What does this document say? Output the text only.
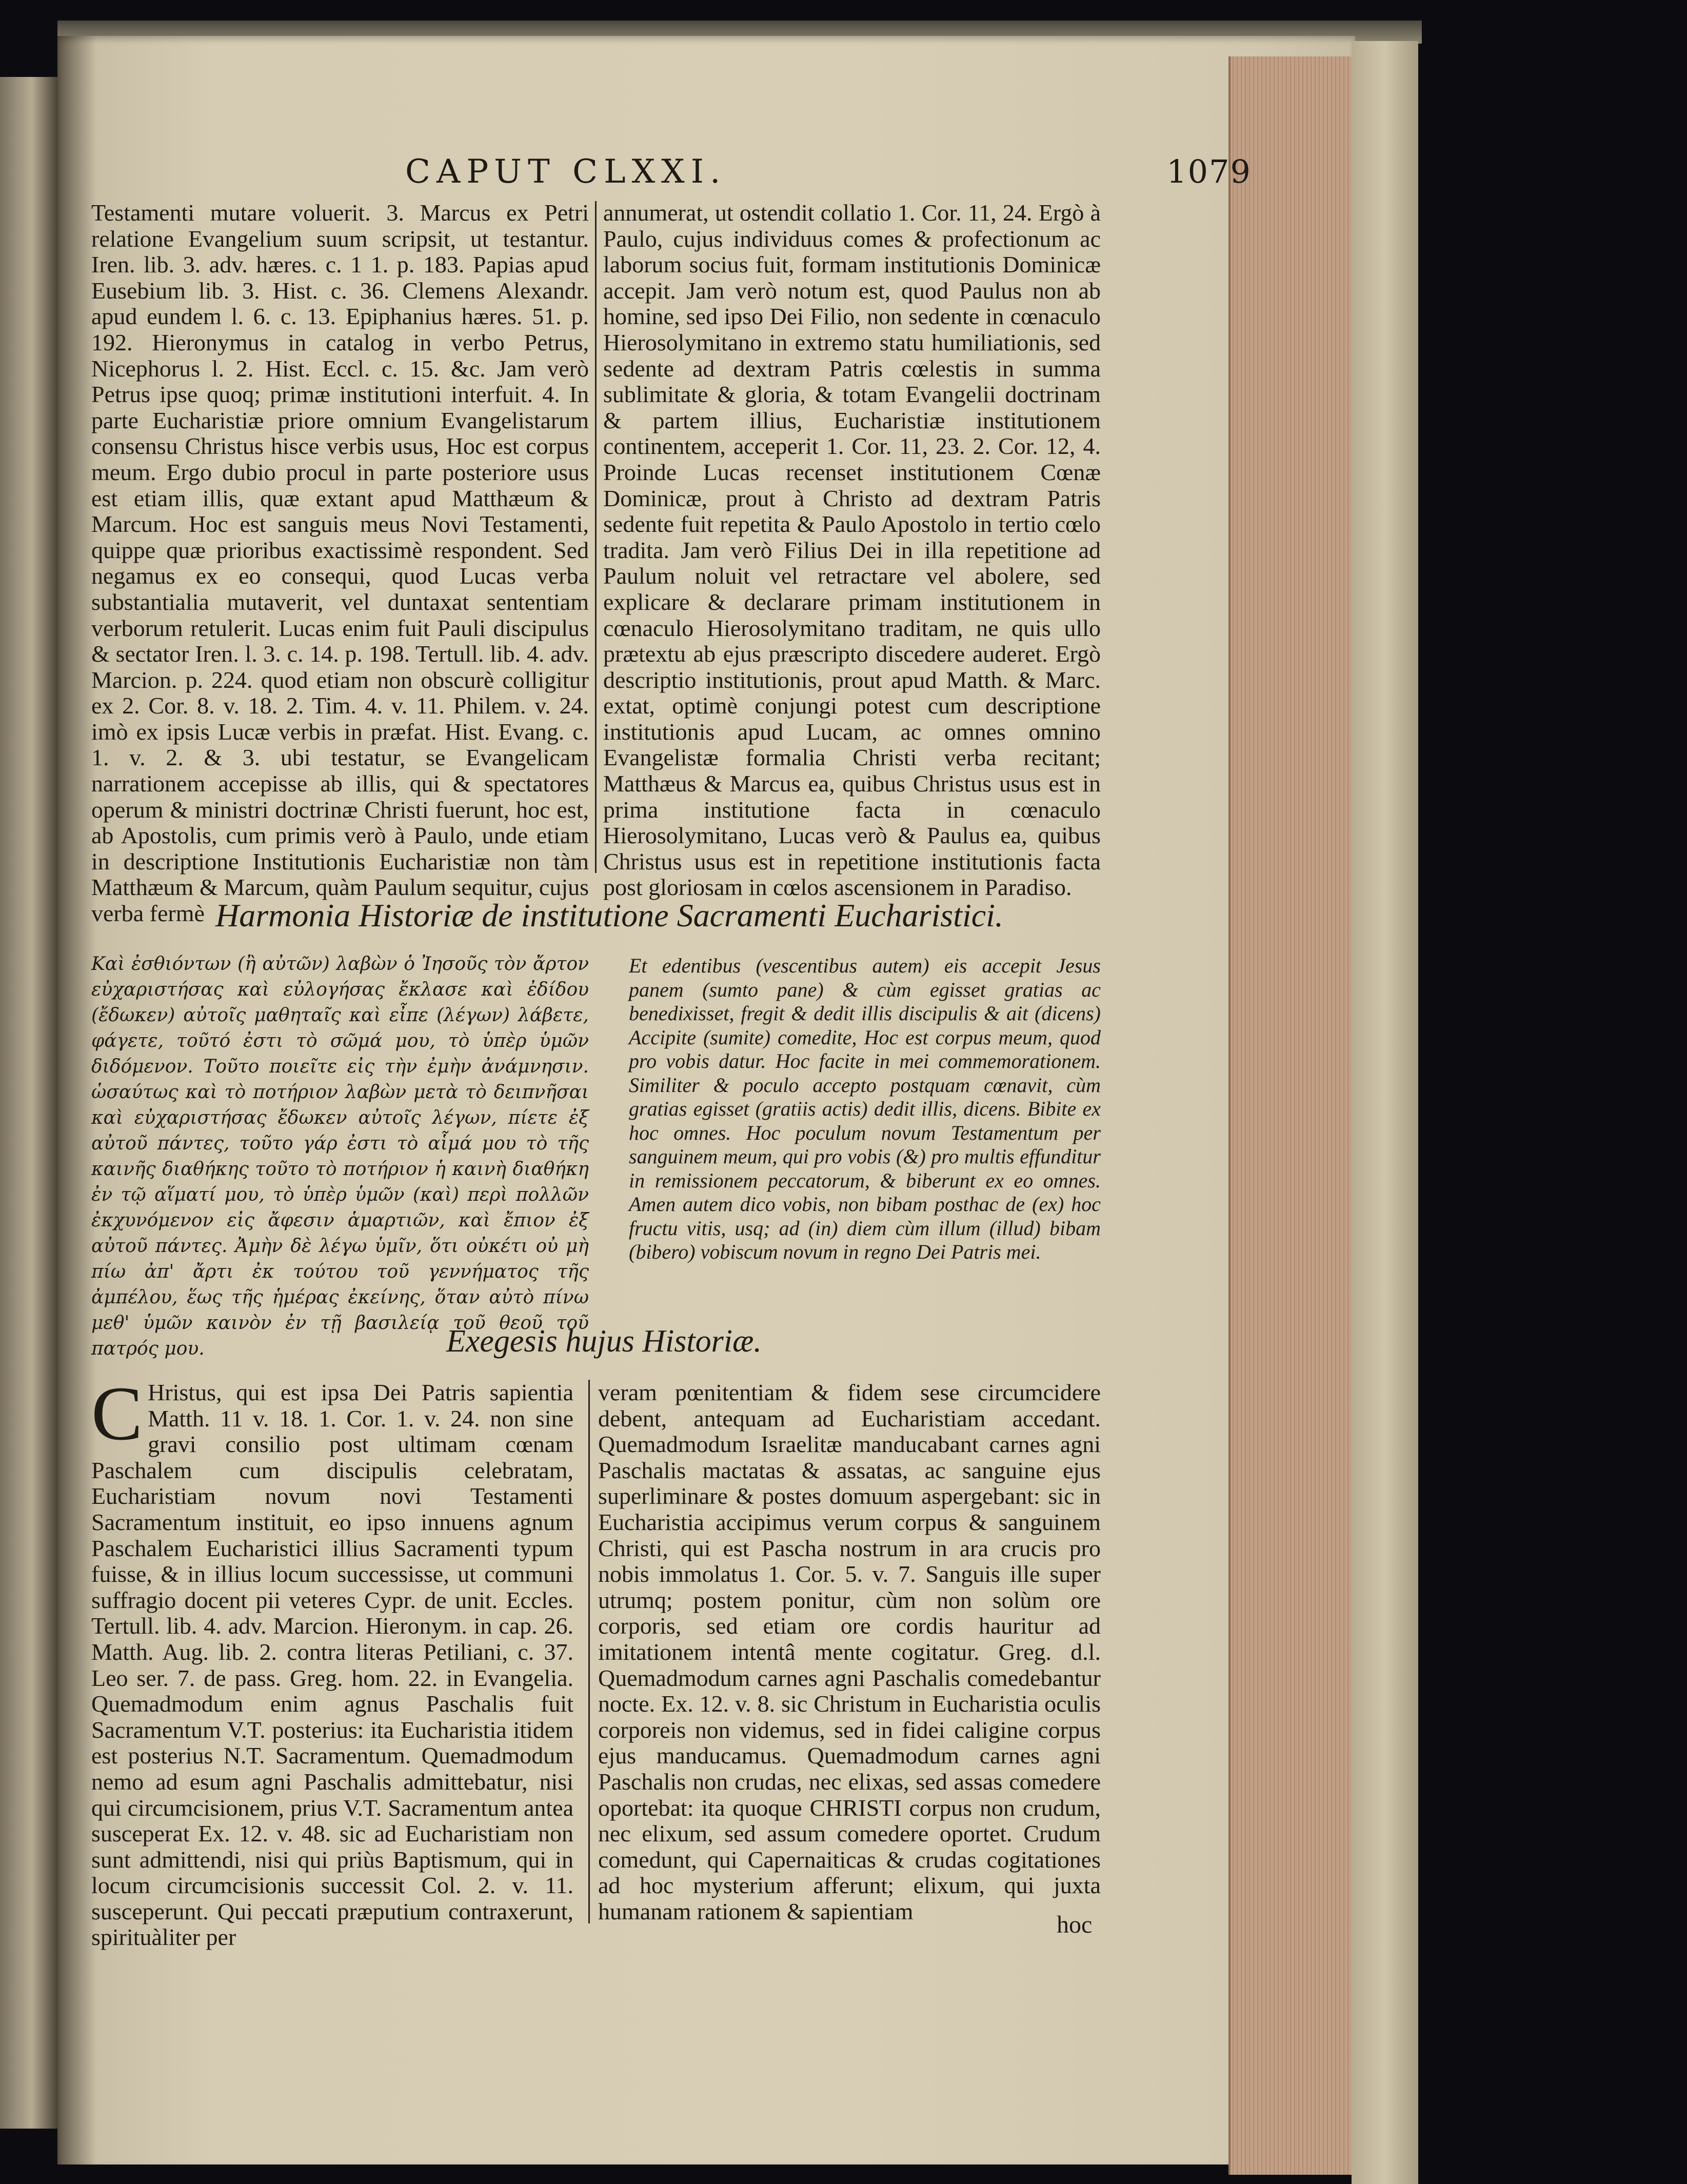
CAPUT CLXXI.	1079
Testamenti mutare voluerit. 3. Marcus ex Petri relatione Evangelium suum scripsit, ut testantur. Iren. lib. 3. adv. hæres. c. 1 1. p. 183. Papias apud Eusebium lib. 3. Hist. c. 36. Clemens Alexandr. apud eundem l. 6. c. 13. Epiphanius hæres. 51. p. 192. Hieronymus in catalog in verbo Petrus, Nicephorus l. 2. Hist. Eccl. c. 15. &c. Jam verò Petrus ipse quoq; primæ institutioni interfuit. 4. In parte Eucharistiæ priore omnium Evangelistarum consensu Christus hisce verbis usus, Hoc est corpus meum. Ergo dubio procul in parte posteriore usus est etiam illis, quæ extant apud Matthæum & Marcum. Hoc est sanguis meus Novi Testamenti, quippe quæ prioribus exactissimè respondent. Sed negamus ex eo consequi, quod Lucas verba substantialia mutaverit, vel duntaxat sententiam verborum retulerit. Lucas enim fuit Pauli discipulus & sectator Iren. l. 3. c. 14. p. 198. Tertull. lib. 4. adv. Marcion. p. 224. quod etiam non obscurè colligitur ex 2. Cor. 8. v. 18. 2. Tim. 4. v. 11. Philem. v. 24. imò ex ipsis Lucæ verbis in præfat. Hist. Evang. c. 1. v. 2. & 3. ubi testatur, se Evangelicam narrationem accepisse ab illis, qui & spectatores operum & ministri doctrinæ Christi fuerunt, hoc est, ab Apostolis, cum primis verò à Paulo, unde etiam in descriptione Institutionis Eucharistiæ non tàm Matthæum & Marcum, quàm Paulum sequitur, cujus verba fermè
annumerat, ut ostendit collatio 1. Cor. 11, 24. Ergò à Paulo, cujus individuus comes & profectionum ac laborum socius fuit, formam institutionis Dominicæ accepit. Jam verò notum est, quod Paulus non ab homine, sed ipso Dei Filio, non sedente in cœnaculo Hierosolymitano in extremo statu humiliationis, sed sedente ad dextram Patris cœlestis in summa sublimitate & gloria, & totam Evangelii doctrinam & partem illius, Eucharistiæ institutionem continentem, acceperit 1. Cor. 11, 23. 2. Cor. 12, 4. Proinde Lucas recenset institutionem Cœnæ Dominicæ, prout à Christo ad dextram Patris sedente fuit repetita & Paulo Apostolo in tertio cœlo tradita. Jam verò Filius Dei in illa repetitione ad Paulum noluit vel retractare vel abolere, sed explicare & declarare primam institutionem in cœnaculo Hierosolymitano traditam, ne quis ullo prætextu ab ejus præscripto discedere auderet. Ergò descriptio institutionis, prout apud Matth. & Marc. extat, optimè conjungi potest cum descriptione institutionis apud Lucam, ac omnes omnino Evangelistæ formalia Christi verba recitant; Matthæus & Marcus ea, quibus Christus usus est in prima institutione facta in cœnaculo Hierosolymitano, Lucas verò & Paulus ea, quibus Christus usus est in repetitione institutionis facta post gloriosam in cœlos ascensionem in Paradiso.
Harmonia Historiæ de institutione Sacramenti Eucharistici.
Καὶ ἐσθιόντων (ἢ αὐτῶν) λαβὼν ὁ Ἰησοῦς τὸν ἄρτον εὐχαριστήσας καὶ εὐλογήσας ἔκλασε καὶ ἐδίδου (ἔδωκεν) αὐτοῖς μαθηταῖς καὶ εἶπε (λέγων) λάβετε, φάγετε, τοῦτό ἐστι τὸ σῶμά μου, τὸ ὑπὲρ ὑμῶν διδόμενον. Τοῦτο ποιεῖτε εἰς τὴν ἐμὴν ἀνάμνησιν. ὡσαύτως καὶ τὸ ποτήριον λαβὼν μετὰ τὸ δειπνῆσαι καὶ εὐχαριστήσας ἔδωκεν αὐτοῖς λέγων, πίετε ἐξ αὐτοῦ πάντες, τοῦτο γάρ ἐστι τὸ αἷμά μου τὸ τῆς καινῆς διαθήκης τοῦτο τὸ ποτήριον ἡ καινὴ διαθήκη ἐν τῷ αἵματί μου, τὸ ὑπὲρ ὑμῶν (καὶ) περὶ πολλῶν ἐκχυνόμενον εἰς ἄφεσιν ἁμαρτιῶν, καὶ ἔπιον ἐξ αὐτοῦ πάντες. Ἀμὴν δὲ λέγω ὑμῖν, ὅτι οὐκέτι οὐ μὴ πίω ἀπ' ἄρτι ἐκ τούτου τοῦ γεννήματος τῆς ἀμπέλου, ἕως τῆς ἡμέρας ἐκείνης, ὅταν αὐτὸ πίνω μεθ' ὑμῶν καινὸν ἐν τῇ βασιλείᾳ τοῦ θεοῦ τοῦ πατρός μου.
Et edentibus (vescentibus autem) eis accepit Jesus panem (sumto pane) & cùm egisset gratias ac benedixisset, fregit & dedit illis discipulis & ait (dicens) Accipite (sumite) comedite, Hoc est corpus meum, quod pro vobis datur. Hoc facite in mei commemorationem. Similiter & poculo accepto postquam cœnavit, cùm gratias egisset (gratiis actis) dedit illis, dicens. Bibite ex hoc omnes. Hoc poculum novum Testamentum per sanguinem meum, qui pro vobis (&) pro multis effunditur in remissionem peccatorum, & biberunt ex eo omnes. Amen autem dico vobis, non bibam posthac de (ex) hoc fructu vitis, usq; ad (in) diem cùm illum (illud) bibam (bibero) vobiscum novum in regno Dei Patris mei.
Exegesis hujus Historiæ.
C Hristus, qui est ipsa Dei Patris sapientia Matth. 11 v. 18. 1. Cor. 1. v. 24. non sine gravi consilio post ultimam cœnam Paschalem cum discipulis celebratam, Eucharistiam novum novi Testamenti Sacramentum instituit, eo ipso innuens agnum Paschalem Eucharistici illius Sacramenti typum fuisse, & in illius locum successisse, ut communi suffragio docent pii veteres Cypr. de unit. Eccles. Tertull. lib. 4. adv. Marcion. Hieronym. in cap. 26. Matth. Aug. lib. 2. contra literas Petiliani, c. 37. Leo ser. 7. de pass. Greg. hom. 22. in Evangelia. Quemadmodum enim agnus Paschalis fuit Sacramentum V.T. posterius: ita Eucharistia itidem est posterius N.T. Sacramentum. Quemadmodum nemo ad esum agni Paschalis admittebatur, nisi qui circumcisionem, prius V.T. Sacramentum antea susceperat Ex. 12. v. 48. sic ad Eucharistiam non sunt admittendi, nisi qui priùs Baptismum, qui in locum circumcisionis successit Col. 2. v. 11. susceperunt. Qui peccati præputium contraxerunt, spirituàliter per
veram pœnitentiam & fidem sese circumcidere debent, antequam ad Eucharistiam accedant. Quemadmodum Israelitæ manducabant carnes agni Paschalis mactatas & assatas, ac sanguine ejus superliminare & postes domuum aspergebant: sic in Eucharistia accipimus verum corpus & sanguinem Christi, qui est Pascha nostrum in ara crucis pro nobis immolatus 1. Cor. 5. v. 7. Sanguis ille super utrumq; postem ponitur, cùm non solùm ore corporis, sed etiam ore cordis hauritur ad imitationem intentâ mente cogitatur. Greg. d.l. Quemadmodum carnes agni Paschalis comedebantur nocte. Ex. 12. v. 8. sic Christum in Eucharistia oculis corporeis non videmus, sed in fidei caligine corpus ejus manducamus. Quemadmodum carnes agni Paschalis non crudas, nec elixas, sed assas comedere oportebat: ita quoque CHRISTI corpus non crudum, nec elixum, sed assum comedere oportet. Crudum comedunt, qui Capernaiticas & crudas cogitationes ad hoc mysterium afferunt; elixum, qui juxta humanam rationem & sapientiam	hoc
